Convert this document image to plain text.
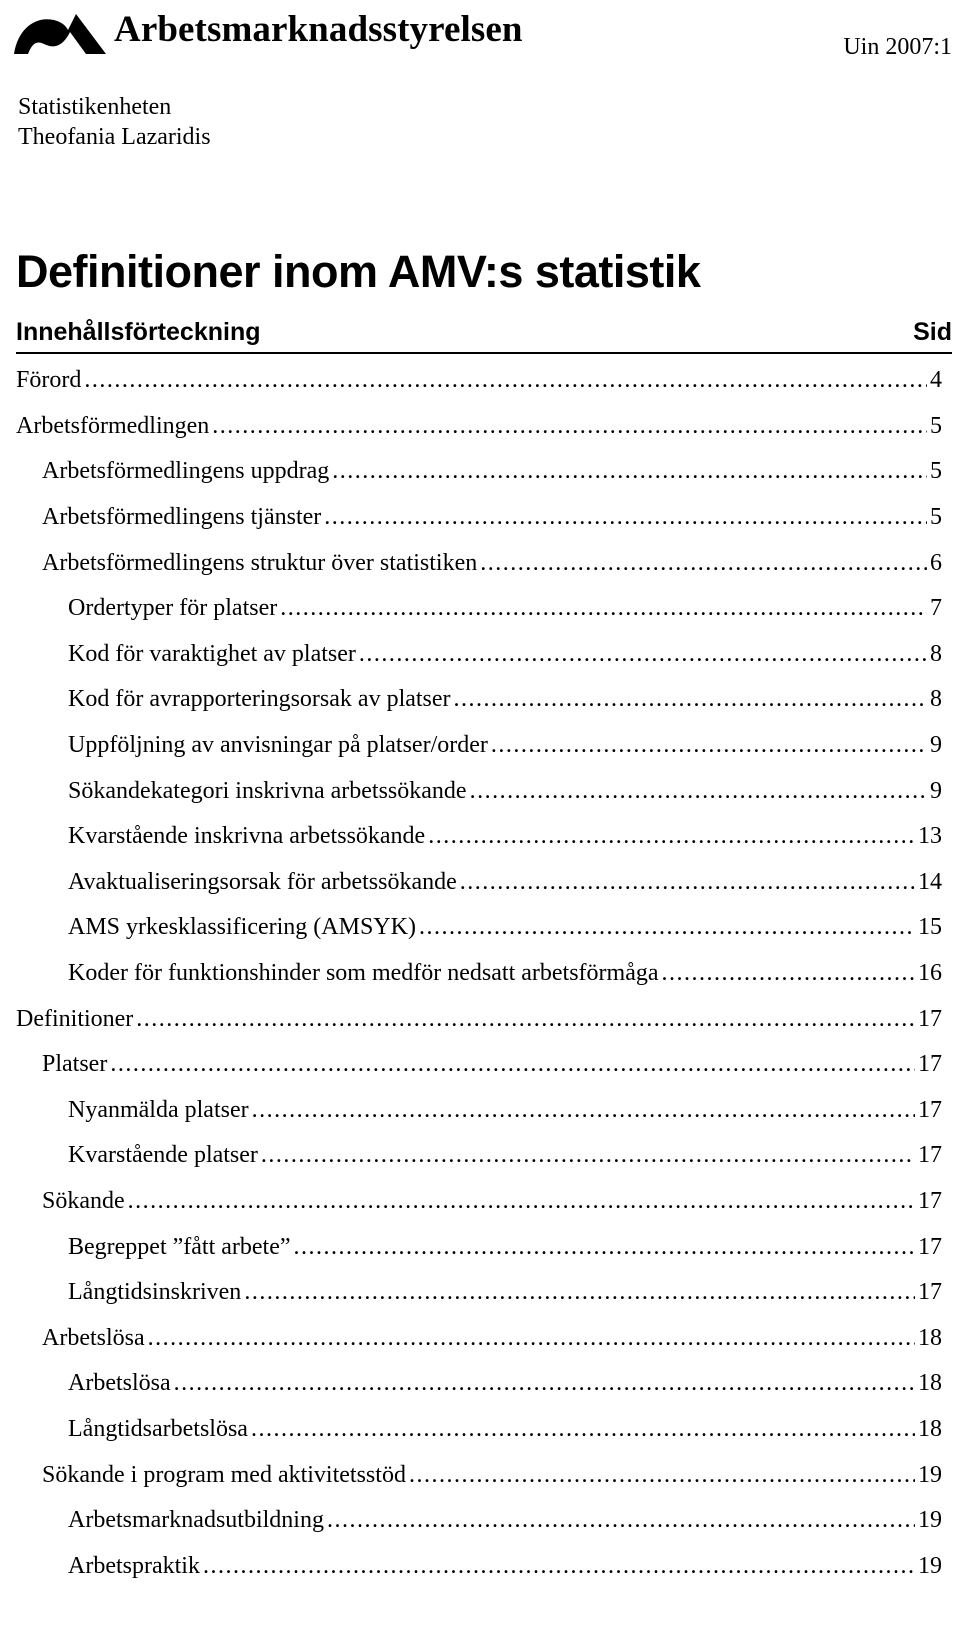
Arbetsmarknadsstyrelsen	Uin 2007:1
Statistikenheten
Theofania Lazaridis
Definitioner inom AMV:s statistik
Innehållsförteckning	Sid
Förord .....	4
Arbetsförmedlingen .....	5
Arbetsförmedlingens uppdrag .....	5
Arbetsförmedlingens tjänster .....	5
Arbetsförmedlingens struktur över statistiken .....	6
Ordertyper för platser .....	7
Kod för varaktighet av platser .....	8
Kod för avrapporteringsorsak av platser .....	8
Uppföljning av anvisningar på platser/order .....	9
Sökandekategori inskrivna arbetssökande .....	9
Kvarstående inskrivna arbetssökande .....	13
Avaktualiseringsorsak för arbetssökande .....	14
AMS yrkesklassificering (AMSYK) .....	15
Koder för funktionshinder som medför nedsatt arbetsförmåga .....	16
Definitioner .....	17
Platser .....	17
Nyanmälda platser .....	17
Kvarstående platser .....	17
Sökande .....	17
Begreppet ”fått arbete” .....	17
Långtidsinskriven .....	17
Arbetslösa .....	18
Arbetslösa .....	18
Långtidsarbetslösa .....	18
Sökande i program med aktivitetsstöd .....	19
Arbetsmarknadsutbildning .....	19
Arbetspraktik .....	19
